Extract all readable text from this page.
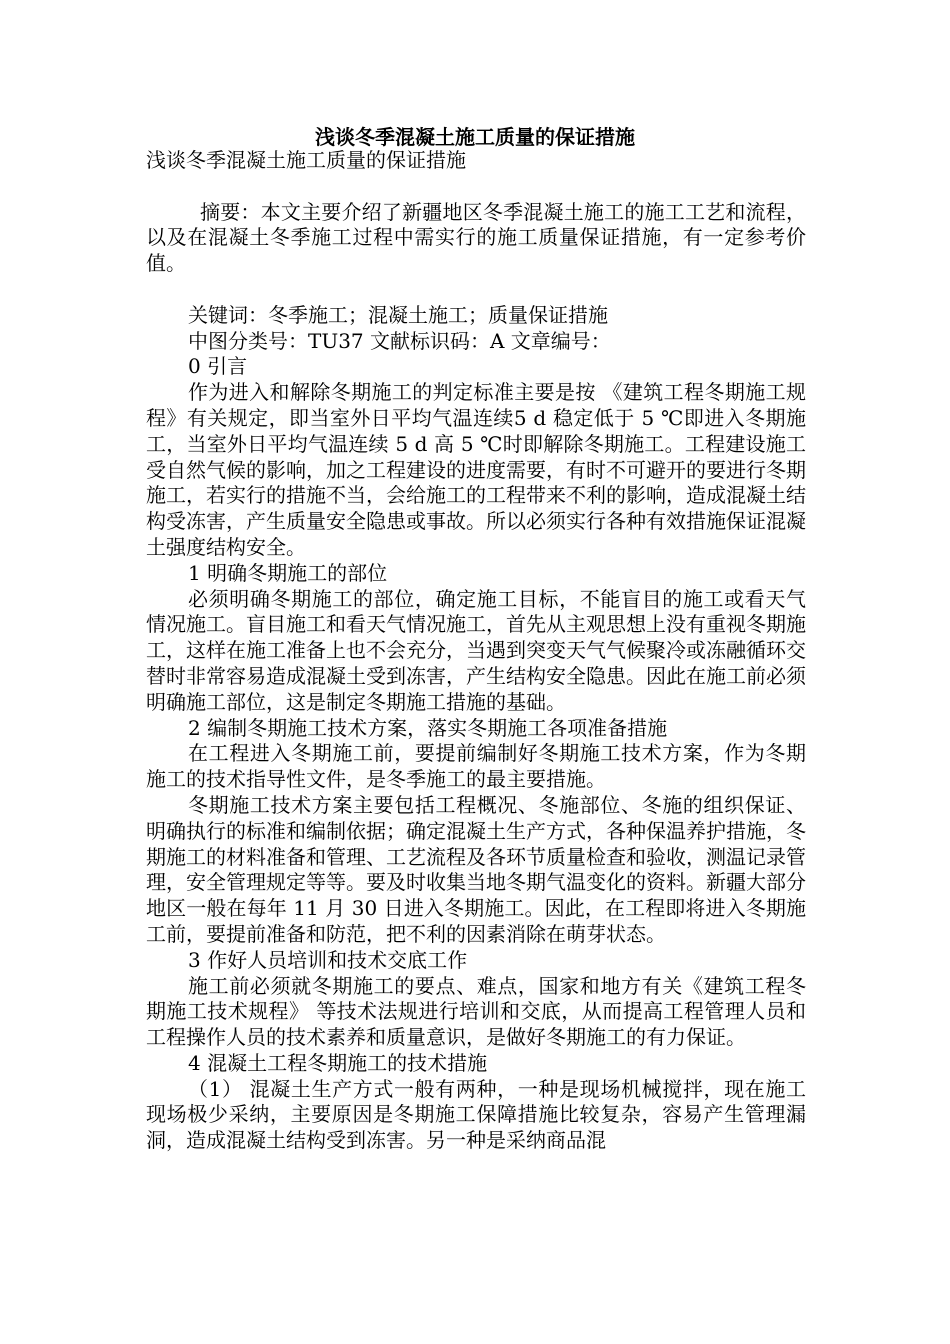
浅谈冬季混凝土施工质量的保证措施

浅谈冬季混凝土施工质量的保证措施

摘要：本文主要介绍了新疆地区冬季混凝土施工的施工工艺和流程，以及在混凝土冬季施工过程中需实行的施工质量保证措施，有一定参考价值。

关键词：冬季施工；混凝土施工；质量保证措施

中图分类号：TU37 文献标识码：A 文章编号：

0 引言

作为进入和解除冬期施工的判定标准主要是按 《建筑工程冬期施工规程》有关规定，即当室外日平均气温连续5 d 稳定低于 5 ℃即进入冬期施工，当室外日平均气温连续 5 d 高 5 ℃时即解除冬期施工。工程建设施工受自然气候的影响，加之工程建设的进度需要，有时不可避开的要进行冬期施工，若实行的措施不当，会给施工的工程带来不利的影响，造成混凝土结构受冻害，产生质量安全隐患或事故。所以必须实行各种有效措施保证混凝土强度结构安全。

1 明确冬期施工的部位

必须明确冬期施工的部位，确定施工目标，不能盲目的施工或看天气情况施工。盲目施工和看天气情况施工，首先从主观思想上没有重视冬期施工，这样在施工准备上也不会充分，当遇到突变天气气候聚冷或冻融循环交替时非常容易造成混凝土受到冻害，产生结构安全隐患。因此在施工前必须明确施工部位，这是制定冬期施工措施的基础。

2 编制冬期施工技术方案，落实冬期施工各项准备措施

在工程进入冬期施工前，要提前编制好冬期施工技术方案，作为冬期施工的技术指导性文件，是冬季施工的最主要措施。

冬期施工技术方案主要包括工程概况、冬施部位、冬施的组织保证、明确执行的标准和编制依据；确定混凝土生产方式，各种保温养护措施，冬期施工的材料准备和管理、工艺流程及各环节质量检查和验收，测温记录管理，安全管理规定等等。要及时收集当地冬期气温变化的资料。新疆大部分地区一般在每年 11 月 30 日进入冬期施工。因此，在工程即将进入冬期施工前，要提前准备和防范，把不利的因素消除在萌芽状态。

3 作好人员培训和技术交底工作

施工前必须就冬期施工的要点、难点，国家和地方有关《建筑工程冬期施工技术规程》 等技术法规进行培训和交底，从而提高工程管理人员和工程操作人员的技术素养和质量意识，是做好冬期施工的有力保证。

4 混凝土工程冬期施工的技术措施

（1） 混凝土生产方式一般有两种，一种是现场机械搅拌，现在施工现场极少采纳，主要原因是冬期施工保障措施比较复杂，容易产生管理漏洞，造成混凝土结构受到冻害。另一种是采纳商品混
